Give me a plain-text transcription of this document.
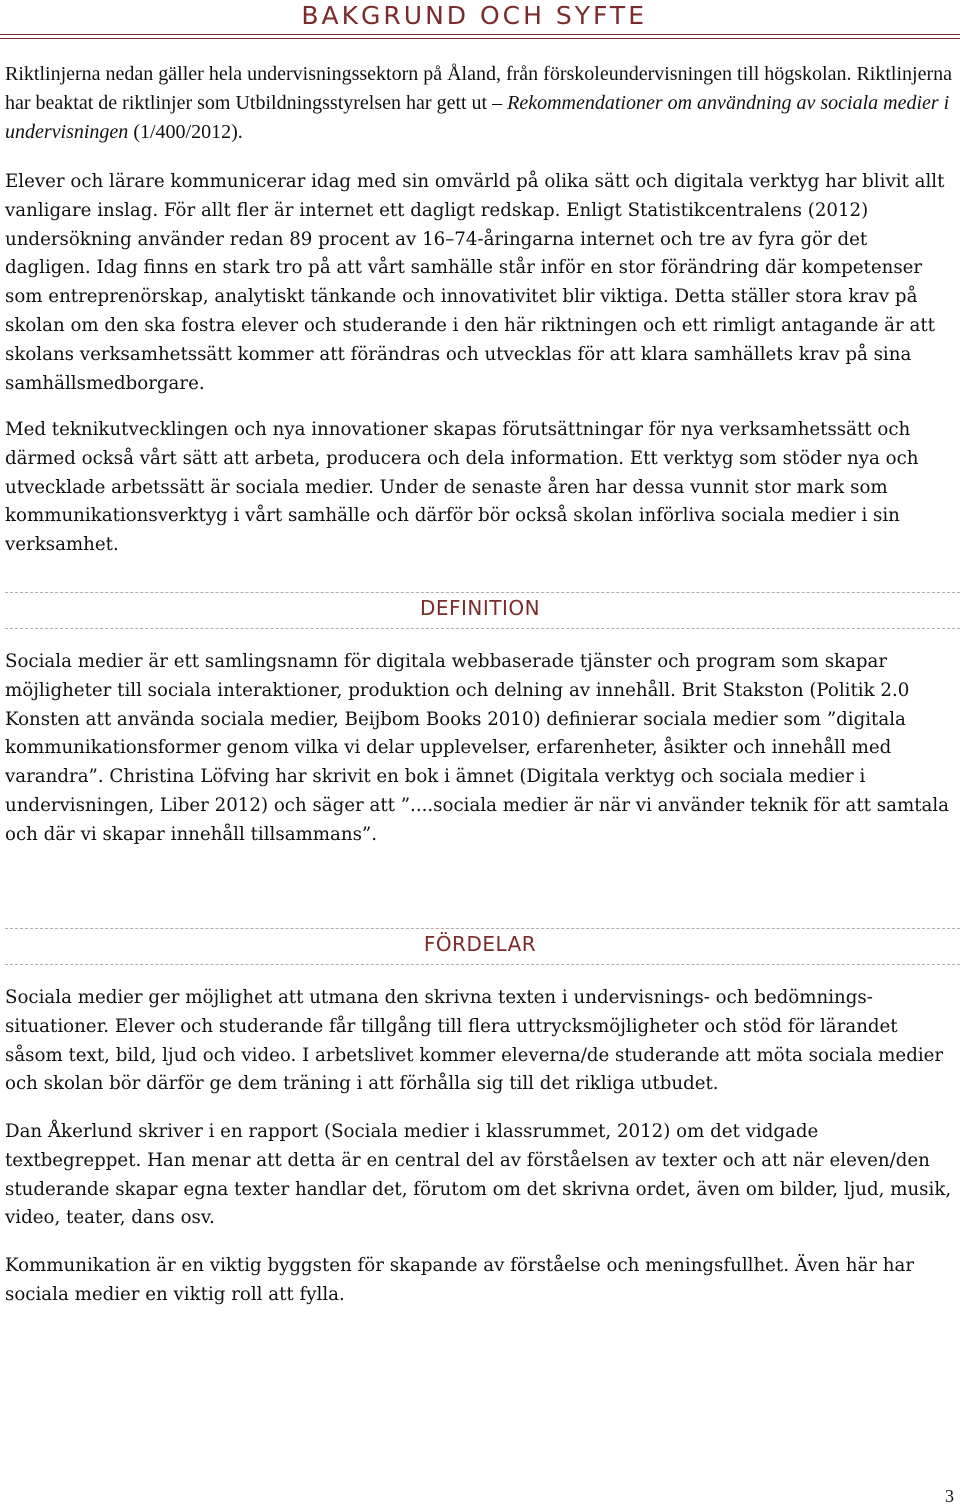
BAKGRUND OCH SYFTE

Riktlinjerna nedan gäller hela undervisningssektorn på Åland, från förskoleundervisningen till högskolan. Riktlinjerna har beaktat de riktlinjer som Utbildningsstyrelsen har gett ut – Rekommendationer om användning av sociala medier i undervisningen (1/400/2012).

Elever och lärare kommunicerar idag med sin omvärld på olika sätt och digitala verktyg har blivit allt vanligare inslag. För allt fler är internet ett dagligt redskap. Enligt Statistikcentralens (2012) undersökning använder redan 89 procent av 16–74-åringarna internet och tre av fyra gör det dagligen. Idag finns en stark tro på att vårt samhälle står inför en stor förändring där kompetenser som entreprenörskap, analytiskt tänkande och innovativitet blir viktiga. Detta ställer stora krav på skolan om den ska fostra elever och studerande i den här riktningen och ett rimligt antagande är att skolans verksamhetssätt kommer att förändras och utvecklas för att klara samhällets krav på sina samhällsmedborgare.

Med teknikutvecklingen och nya innovationer skapas förutsättningar för nya verksamhetssätt och därmed också vårt sätt att arbeta, producera och dela information. Ett verktyg som stöder nya och utvecklade arbetssätt är sociala medier. Under de senaste åren har dessa vunnit stor mark som kommunikationsverktyg i vårt samhälle och därför bör också skolan införliva sociala medier i sin verksamhet.

DEFINITION

Sociala medier är ett samlingsnamn för digitala webbaserade tjänster och program som skapar möjligheter till sociala interaktioner, produktion och delning av innehåll. Brit Stakston (Politik 2.0 Konsten att använda sociala medier, Beijbom Books 2010) definierar sociala medier som ”digitala kommunikationsformer genom vilka vi delar upplevelser, erfarenheter, åsikter och innehåll med varandra”. Christina Löfving har skrivit en bok i ämnet (Digitala verktyg och sociala medier i undervisningen, Liber 2012) och säger att ”....sociala medier är när vi använder teknik för att samtala och där vi skapar innehåll tillsammans”.

FÖRDELAR

Sociala medier ger möjlighet att utmana den skrivna texten i undervisnings- och bedömnings-situationer. Elever och studerande får tillgång till flera uttrycksmöjligheter och stöd för lärandet såsom text, bild, ljud och video. I arbetslivet kommer eleverna/de studerande att möta sociala medier och skolan bör därför ge dem träning i att förhålla sig till det rikliga utbudet.

Dan Åkerlund skriver i en rapport (Sociala medier i klassrummet, 2012) om det vidgade textbegreppet. Han menar att detta är en central del av förståelsen av texter och att när eleven/den studerande skapar egna texter handlar det, förutom om det skrivna ordet, även om bilder, ljud, musik, video, teater, dans osv.

Kommunikation är en viktig byggsten för skapande av förståelse och meningsfullhet. Även här har sociala medier en viktig roll att fylla.

3
